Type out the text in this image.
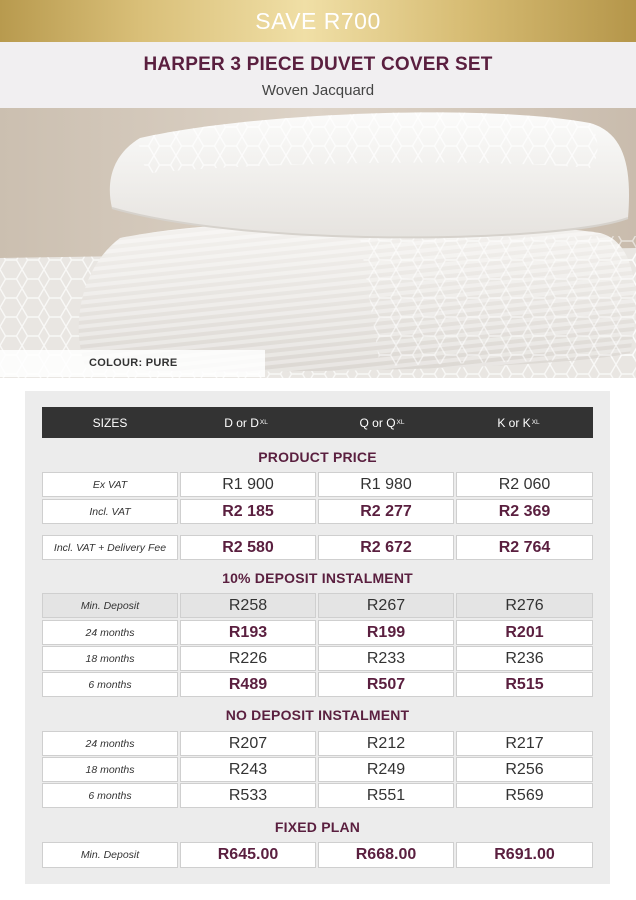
SAVE R700
HARPER 3 PIECE DUVET COVER SET
Woven Jacquard
COLOUR: PURE
SIZES	D or D XL	Q or Q XL	K or K XL
PRODUCT PRICE
Ex VAT	R1 900	R1 980	R2 060
Incl. VAT	R2 185	R2 277	R2 369
Incl. VAT + Delivery Fee	R2 580	R2 672	R2 764
10% DEPOSIT INSTALMENT
Min. Deposit	R258	R267	R276
24 months	R193	R199	R201
18 months	R226	R233	R236
6 months	R489	R507	R515
NO DEPOSIT INSTALMENT
24 months	R207	R212	R217
18 months	R243	R249	R256
6 months	R533	R551	R569
FIXED PLAN
Min. Deposit	R645.00	R668.00	R691.00
